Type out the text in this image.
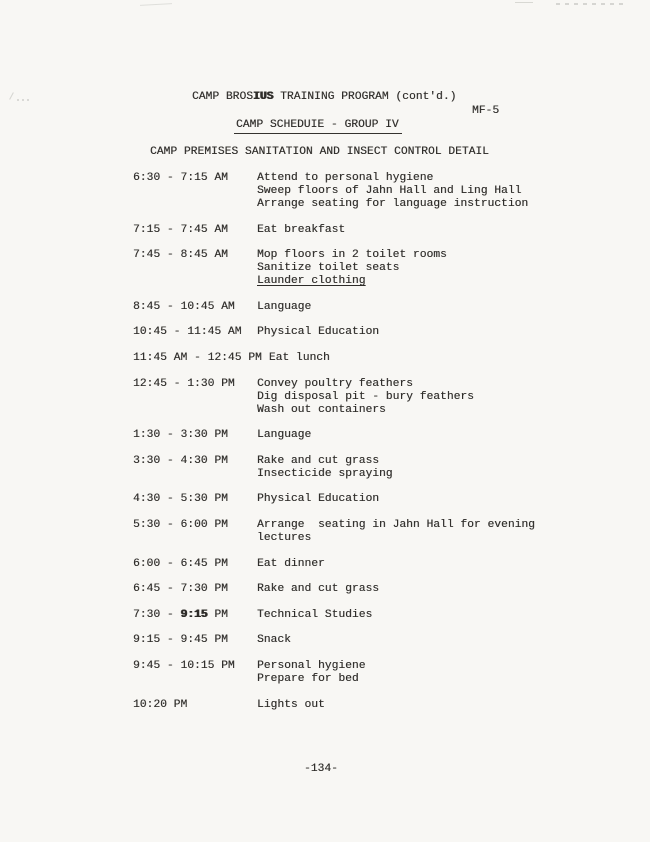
CAMP BROSIUS TRAINING PROGRAM (cont'd.)
MF-5
CAMP SCHEDUIE - GROUP IV
CAMP PREMISES SANITATION AND INSECT CONTROL DETAIL
6:30 - 7:15 AM	Attend to personal hygiene
Sweep floors of Jahn Hall and Ling Hall
Arrange seating for language instruction
7:15 - 7:45 AM	Eat breakfast
7:45 - 8:45 AM	Mop floors in 2 toilet rooms
Sanitize toilet seats
Launder clothing
8:45 - 10:45 AM	Language
10:45 - 11:45 AM	Physical Education
11:45 AM - 12:45 PM Eat lunch
12:45 - 1:30 PM	Convey poultry feathers
Dig disposal pit - bury feathers
Wash out containers
1:30 - 3:30 PM	Language
3:30 - 4:30 PM	Rake and cut grass
Insecticide spraying
4:30 - 5:30 PM	Physical Education
5:30 - 6:00 PM	Arrange  seating in Jahn Hall for evening
lectures
6:00 - 6:45 PM	Eat dinner
6:45 - 7:30 PM	Rake and cut grass
7:30 - 9:15 PM	Technical Studies
9:15 - 9:45 PM	Snack
9:45 - 10:15 PM	Personal hygiene
Prepare for bed
10:20 PM	Lights out
-134-
